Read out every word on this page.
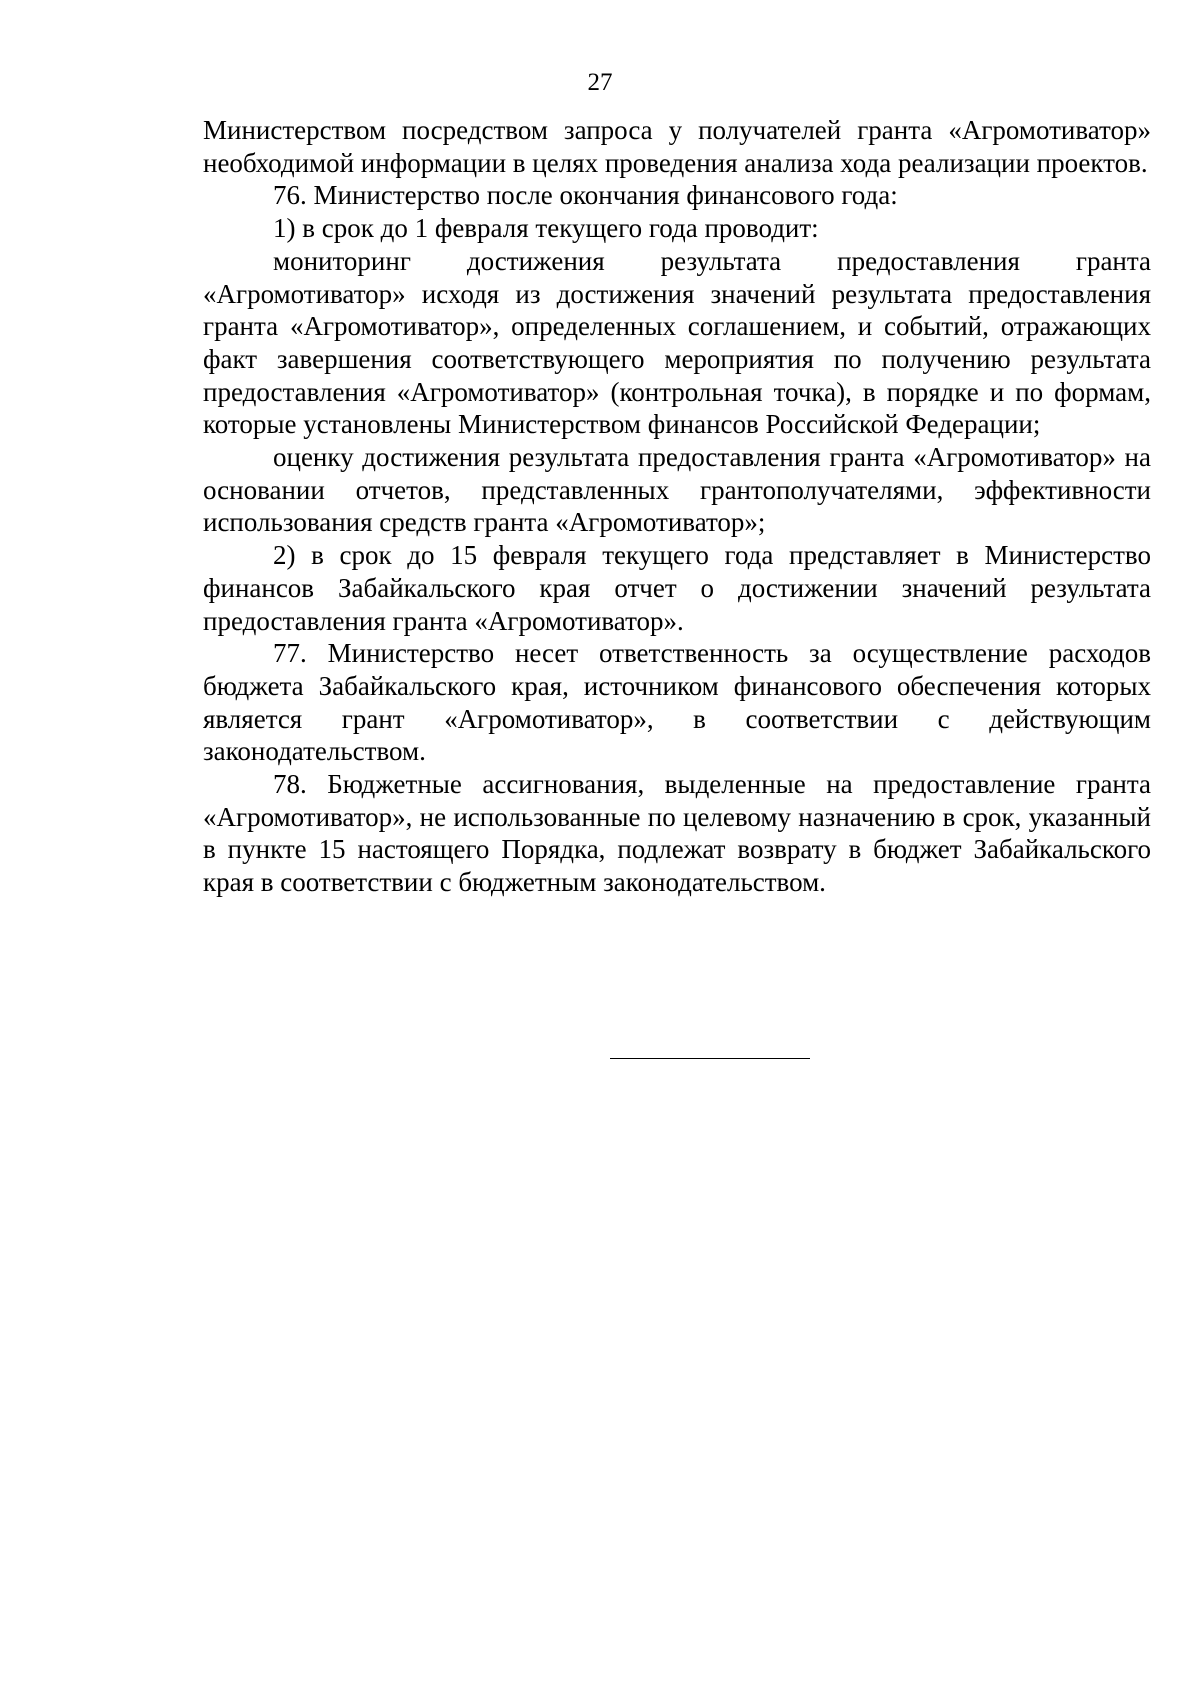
27

Министерством посредством запроса у получателей гранта «Агромотиватор» необходимой информации в целях проведения анализа хода реализации проектов.

76. Министерство после окончания финансового года:

1) в срок до 1 февраля текущего года проводит:

мониторинг достижения результата предоставления гранта «Агромотиватор» исходя из достижения значений результата предоставления гранта «Агромотиватор», определенных соглашением, и событий, отражающих факт завершения соответствующего мероприятия по получению результата предоставления «Агромотиватор» (контрольная точка), в порядке и по формам, которые установлены Министерством финансов Российской Федерации;

оценку достижения результата предоставления гранта «Агромотиватор» на основании отчетов, представленных грантополучателями, эффективности использования средств гранта «Агромотиватор»;

2) в срок до 15 февраля текущего года представляет в Министерство финансов Забайкальского края отчет о достижении значений результата предоставления гранта «Агромотиватор».

77. Министерство несет ответственность за осуществление расходов бюджета Забайкальского края, источником финансового обеспечения которых является грант «Агромотиватор», в соответствии с действующим законодательством.

78. Бюджетные ассигнования, выделенные на предоставление гранта «Агромотиватор», не использованные по целевому назначению в срок, указанный в пункте 15 настоящего Порядка, подлежат возврату в бюджет Забайкальского края в соответствии с бюджетным законодательством.
